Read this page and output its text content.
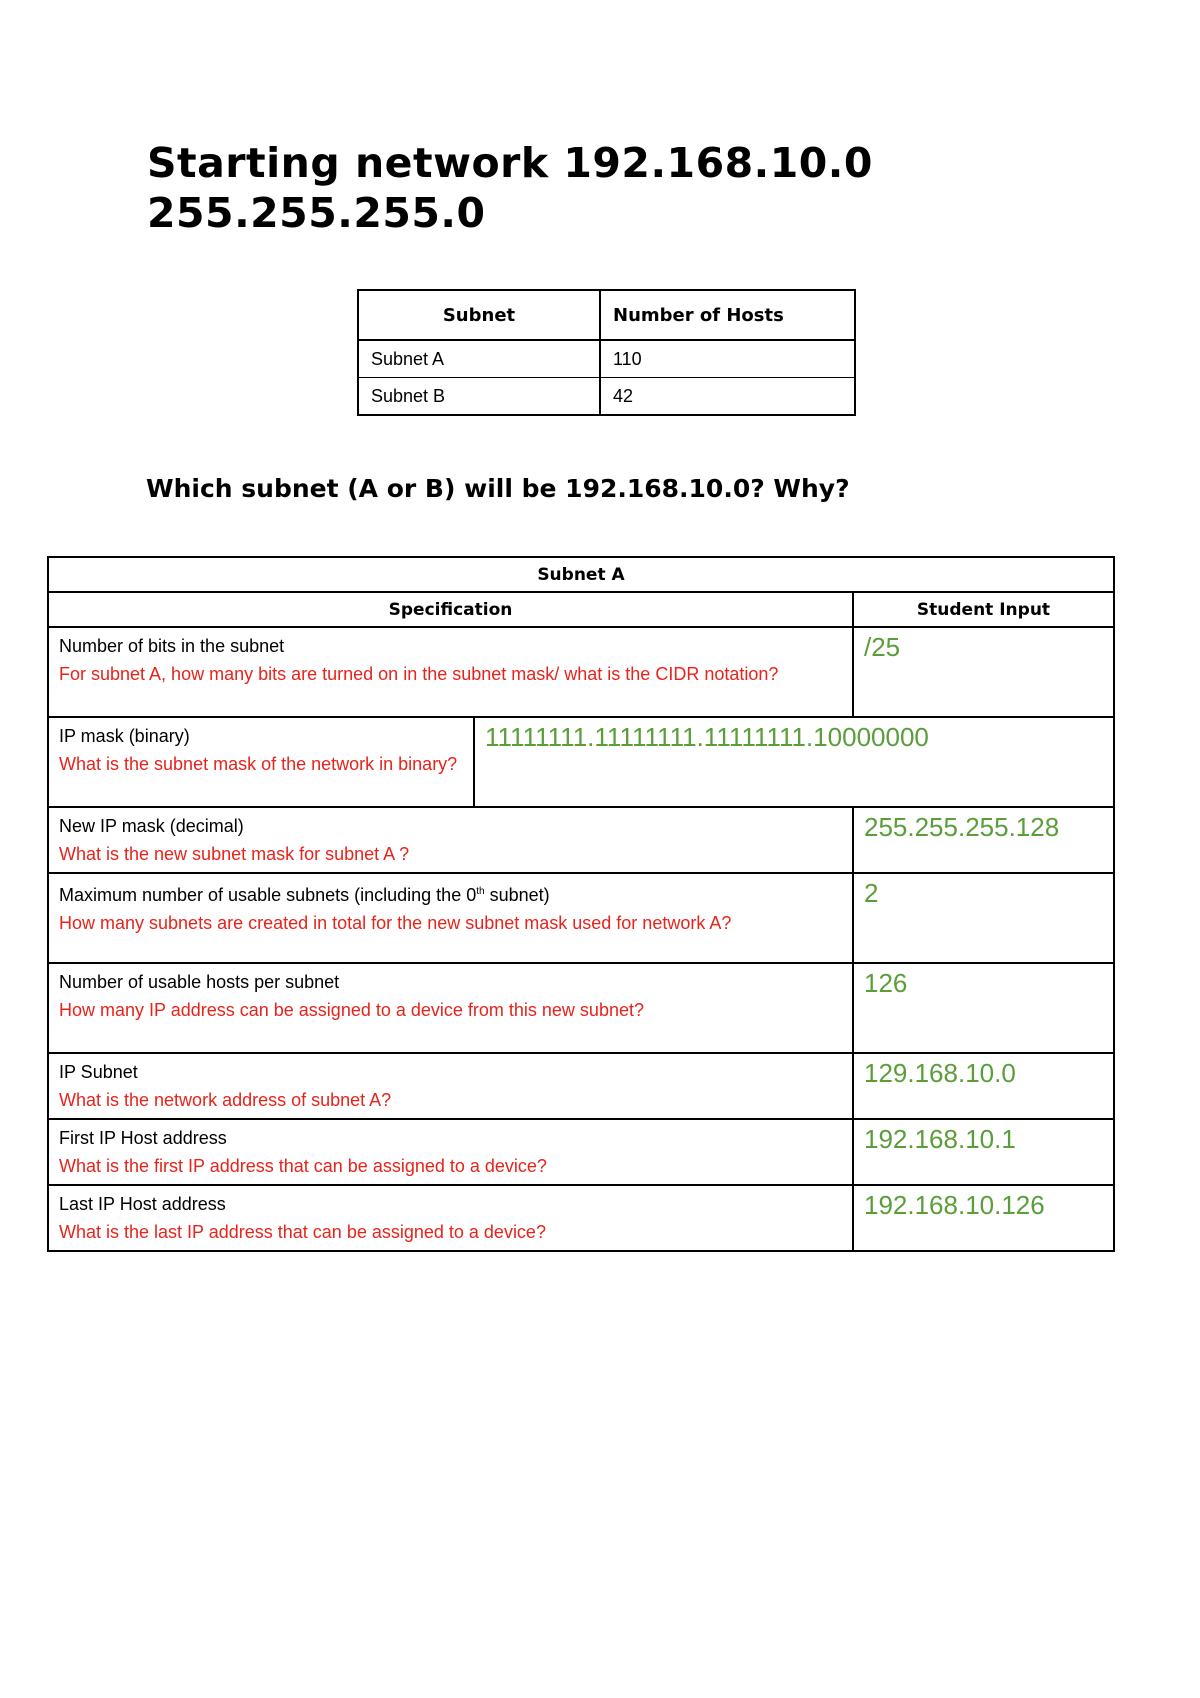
Starting network 192.168.10.0
255.255.255.0
Subnet	Number of Hosts
Subnet A	110
Subnet B	42

Which subnet (A or B) will be 192.168.10.0? Why?

Subnet A		
Specification		Student Input

Number of bits in the subnet
For subnet A, how many bits are turned on in the subnet mask/ what is the CIDR notation?		/25

IP mask (binary)
What is the subnet mask of the network in binary?	11111111.11111111.11111111.10000000	

New IP mask (decimal)
What is the new subnet mask for subnet A ?		255.255.255.128

Maximum number of usable subnets (including the 0th subnet)
How many subnets are created in total for the new subnet mask used for network A?		2

Number of usable hosts per subnet
How many IP address can be assigned to a device from this new subnet?		126

IP Subnet
What is the network address of subnet A?		129.168.10.0

First IP Host address
What is the first IP address that can be assigned to a device?		192.168.10.1

Last IP Host address
What is the last IP address that can be assigned to a device?		192.168.10.126
